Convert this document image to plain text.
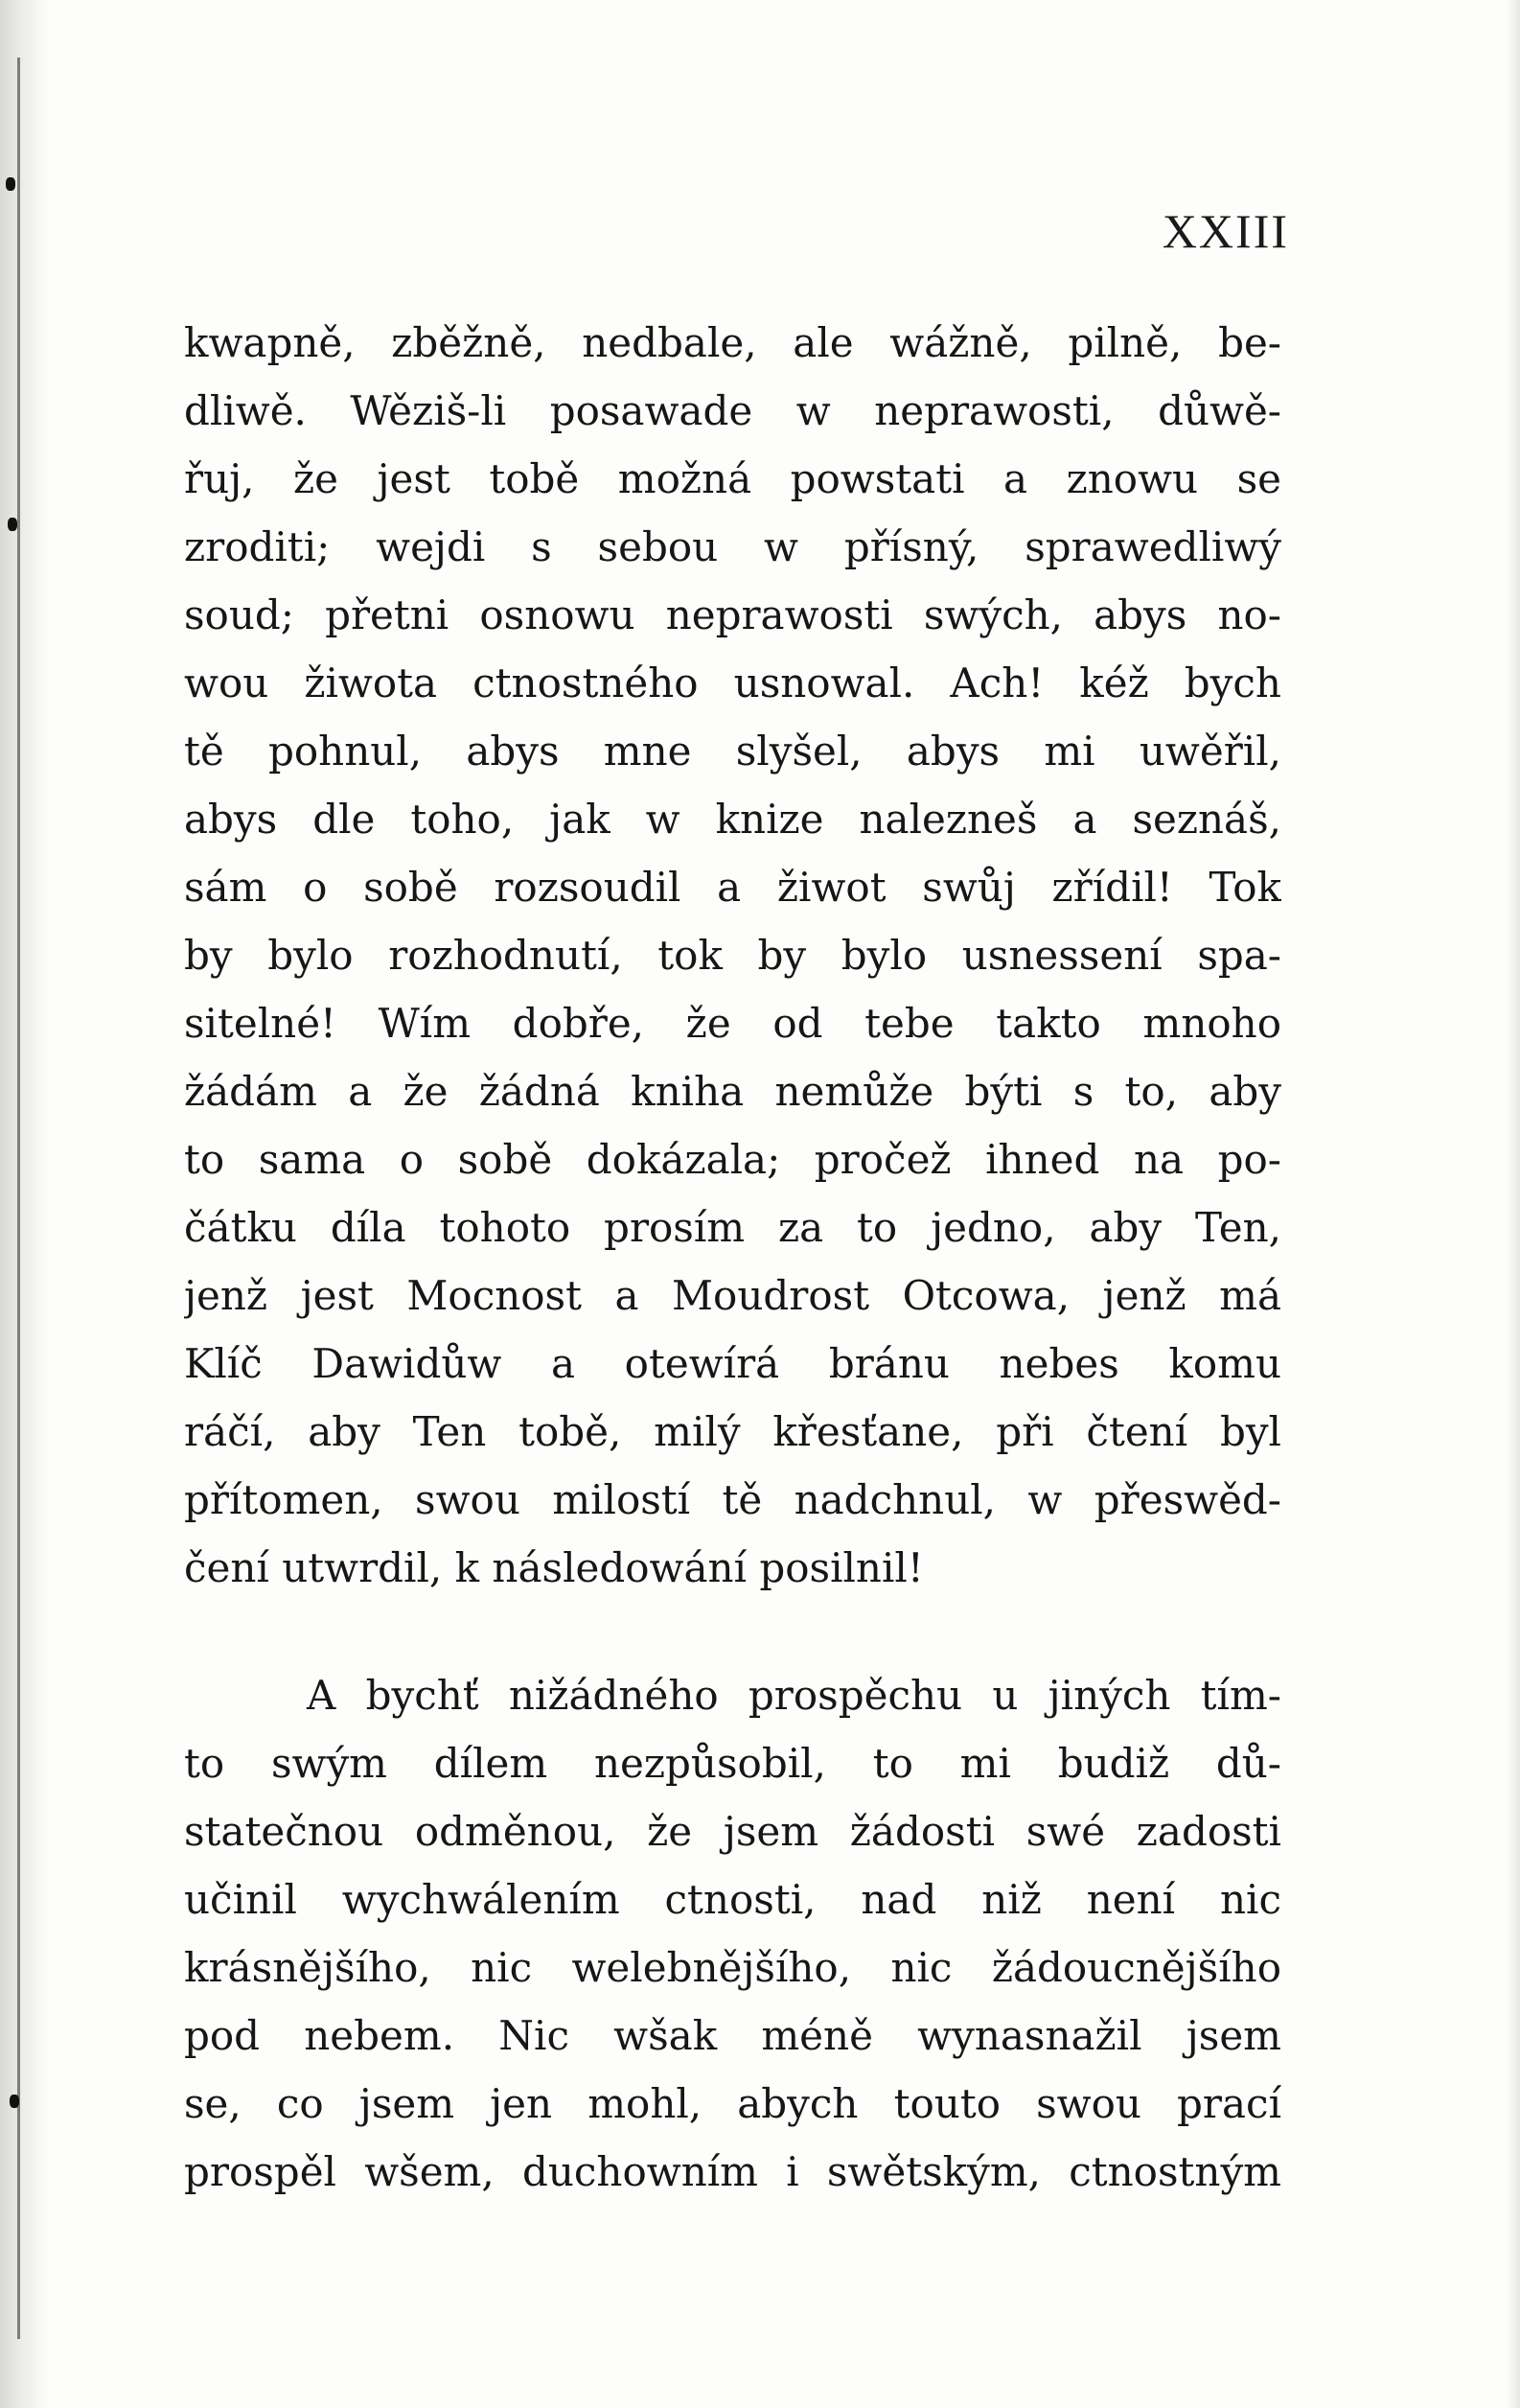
XXIII
kwapně, zběžně, nedbale, ale wážně, pilně, be-
dliwě. Wěziš-li posawade w neprawosti, důwě-
řuj, že jest tobě možná powstati a znowu se
zroditi; wejdi s sebou w přísný, sprawedliwý
soud; přetni osnowu neprawosti swých, abys no-
wou žiwota ctnostného usnowal. Ach! kéž bych
tě pohnul, abys mne slyšel, abys mi uwěřil,
abys dle toho, jak w knize nalezneš a seznáš,
sám o sobě rozsoudil a žiwot swůj zřídil! Tok
by bylo rozhodnutí, tok by bylo usnessení spa-
sitelné! Wím dobře, že od tebe takto mnoho
žádám a že žádná kniha nemůže býti s to, aby
to sama o sobě dokázala; pročež ihned na po-
čátku díla tohoto prosím za to jedno, aby Ten,
jenž jest Mocnost a Moudrost Otcowa, jenž má
Klíč Dawidůw a otewírá bránu nebes komu
ráčí, aby Ten tobě, milý křesťane, při čtení byl
přítomen, swou milostí tě nadchnul, w přeswěd-
čení utwrdil, k následowání posilnil!
A bychť nižádného prospěchu u jiných tím-
to swým dílem nezpůsobil, to mi budiž dů-
statečnou odměnou, že jsem žádosti swé zadosti
učinil wychwálením ctnosti, nad niž není nic
krásnějšího, nic welebnějšího, nic žádoucnějšího
pod nebem. Nic wšak méně wynasnažil jsem
se, co jsem jen mohl, abych touto swou prací
prospěl wšem, duchowním i swětským, ctnostným
